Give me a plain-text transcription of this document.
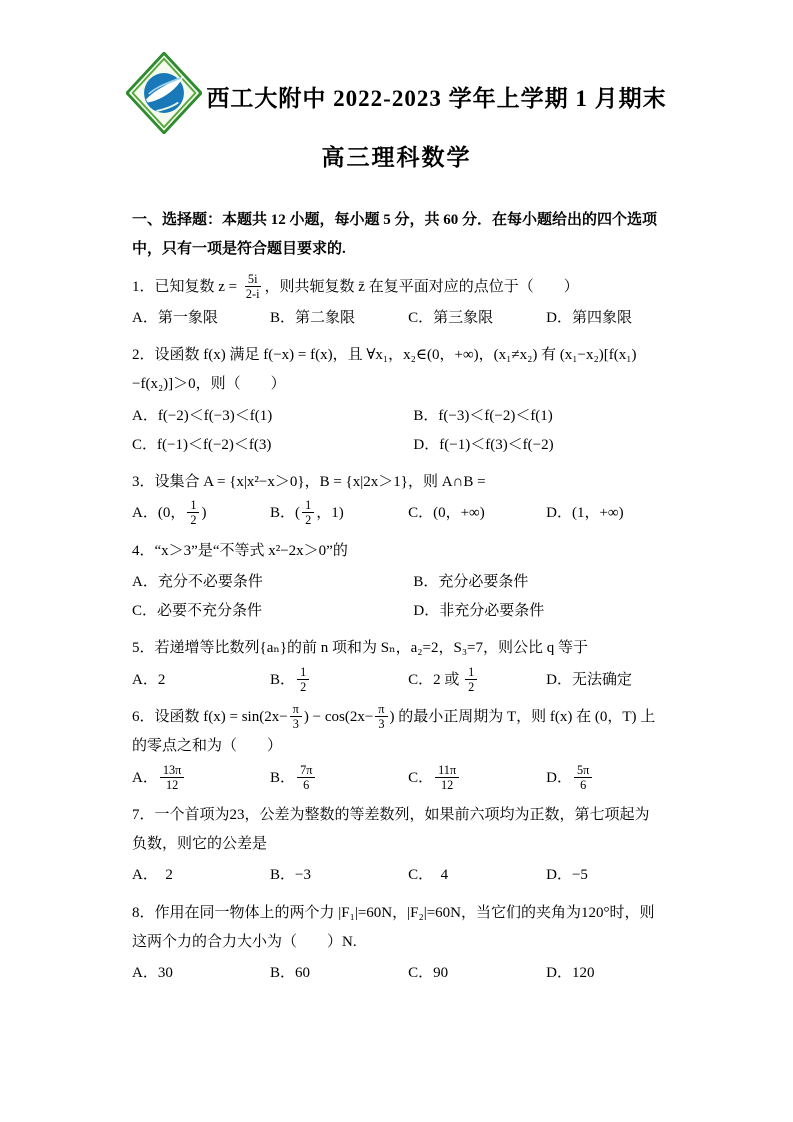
西工大附中 2022-2023 学年上学期 1 月期末
高三理科数学

一、选择题：本题共 12 小题，每小题 5 分，共 60 分．在每小题给出的四个选项中，只有一项是符合题目要求的.

1．已知复数 $z = \frac{5i}{2-i}$ ，则共轭复数 z̄ 在复平面对应的点位于（　　）

A．第一象限	B．第二象限	C．第三象限	D．第四象限

2．设函数 f(x) 满足 f(−x) = f(x)，且 ∀x₁，x₂∈(0，+∞)，(x₁≠x₂) 有 (x₁−x₂)[f(x₁)−f(x₂)]＞0，则（　　）

A．f(−2)＜f(−3)＜f(1)	B．f(−3)＜f(−2)＜f(1)
C．f(−1)＜f(−2)＜f(3)	D．f(−1)＜f(3)＜f(−2)

3．设集合 A = {x|x²−x＞0}，B = {x|2x＞1}，则 A∩B =

A．(0， $\frac{1}{2}$ )	B．( $\frac{1}{2}$ ，1)	C．(0，+∞)	D．(1，+∞)

4．“x＞3”是“不等式 x²−2x＞0”的

A．充分不必要条件	B．充分必要条件
C．必要不充分条件	D．非充分必要条件

5．若递增等比数列{aₙ}的前 n 项和为 Sₙ，a₂=2，S₃=7，则公比 q 等于

A．2	B． $\frac{1}{2}$	C．2 或 $\frac{1}{2}$	D．无法确定

6．设函数 $f(x) = \sin(2x- \frac{\pi}{3}$ ) − $\cos(2x- \frac{\pi}{3}$ ) 的最小正周期为 T，则 f(x) 在 (0，T) 上的零点之和为（　　）

A． $\frac{13\pi}{12}$	B． $\frac{7\pi}{6}$	C． $\frac{11\pi}{12}$	D． $\frac{5\pi}{6}$

7．一个首项为23，公差为整数的等差数列，如果前六项均为正数，第七项起为负数，则它的公差是

A．　2	B．−3	C．　4	D．−5

8．作用在同一物体上的两个力 |F₁|=60N，|F₂|=60N，当它们的夹角为120°时，则这两个力的合力大小为（　　）N.

A．30	B．60	C．90	D．120
